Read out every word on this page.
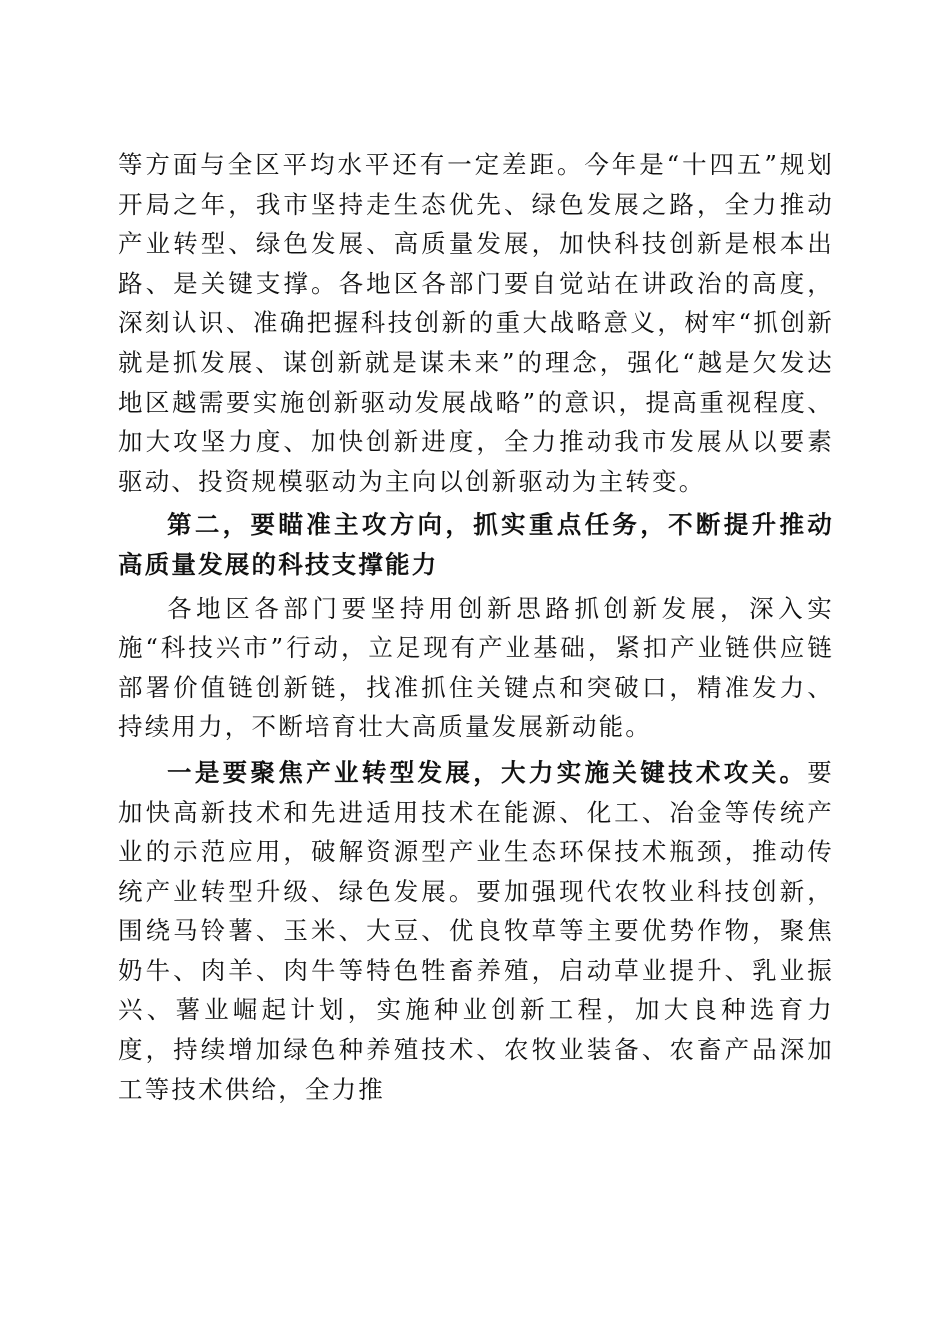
等方面与全区平均水平还有一定差距。今年是“十四五”规划开局之年，我市坚持走生态优先、绿色发展之路，全力推动产业转型、绿色发展、高质量发展，加快科技创新是根本出路、是关键支撑。各地区各部门要自觉站在讲政治的高度，深刻认识、准确把握科技创新的重大战略意义，树牢“抓创新就是抓发展、谋创新就是谋未来”的理念，强化“越是欠发达地区越需要实施创新驱动发展战略”的意识，提高重视程度、加大攻坚力度、加快创新进度，全力推动我市发展从以要素驱动、投资规模驱动为主向以创新驱动为主转变。

第二，要瞄准主攻方向，抓实重点任务，不断提升推动高质量发展的科技支撑能力

各地区各部门要坚持用创新思路抓创新发展，深入实施“科技兴市”行动，立足现有产业基础，紧扣产业链供应链部署价值链创新链，找准抓住关键点和突破口，精准发力、持续用力，不断培育壮大高质量发展新动能。

一是要聚焦产业转型发展，大力实施关键技术攻关。要加快高新技术和先进适用技术在能源、化工、冶金等传统产业的示范应用，破解资源型产业生态环保技术瓶颈，推动传统产业转型升级、绿色发展。要加强现代农牧业科技创新，围绕马铃薯、玉米、大豆、优良牧草等主要优势作物，聚焦奶牛、肉羊、肉牛等特色牲畜养殖，启动草业提升、乳业振兴、薯业崛起计划，实施种业创新工程，加大良种选育力度，持续增加绿色种养殖技术、农牧业装备、农畜产品深加工等技术供给，全力推
